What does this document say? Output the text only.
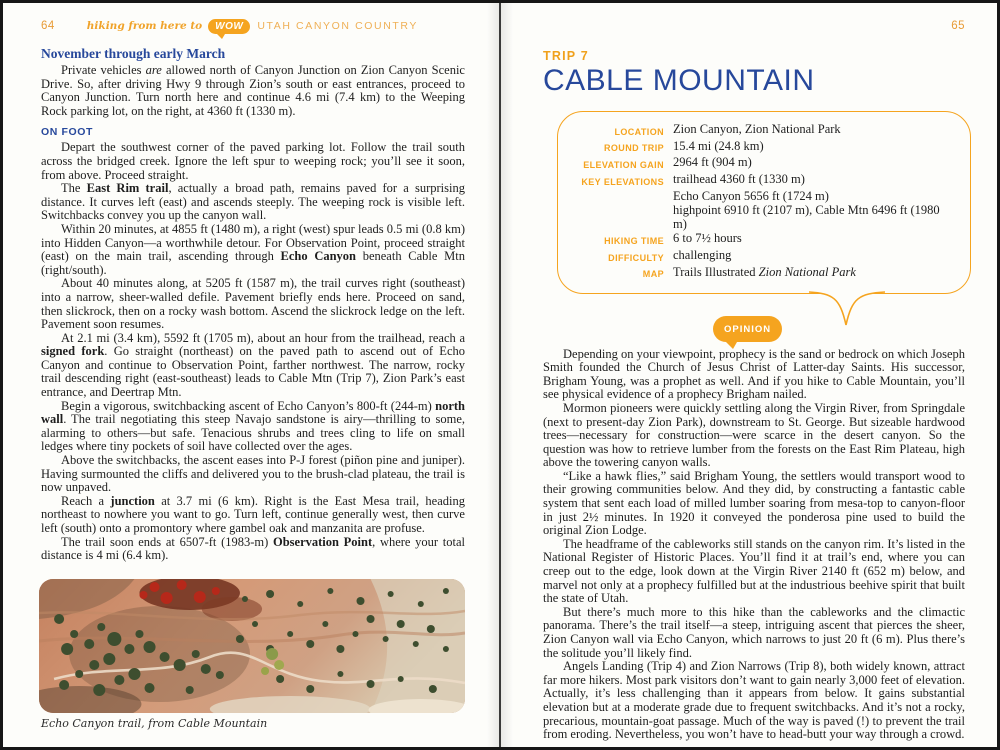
64	hiking from here to	WOW	UTAH CANYON COUNTRY
November through early March

Private vehicles are allowed north of Canyon Junction on Zion Canyon Scenic Drive. So, after driving Hwy 9 through Zion’s south or east entrances, proceed to Canyon Junction. Turn north here and continue 4.6 mi (7.4 km) to the Weeping Rock parking lot, on the right, at 4360 ft (1330 m).

ON FOOT

Depart the southwest corner of the paved parking lot. Follow the trail south across the bridged creek. Ignore the left spur to weeping rock; you’ll see it soon, from above. Proceed straight.

The East Rim trail, actually a broad path, remains paved for a surprising distance. It curves left (east) and ascends steeply. The weeping rock is visible left. Switchbacks convey you up the canyon wall.

Within 20 minutes, at 4855 ft (1480 m), a right (west) spur leads 0.5 mi (0.8 km) into Hidden Canyon—a worthwhile detour. For Observation Point, proceed straight (east) on the main trail, ascending through Echo Canyon beneath Cable Mtn (right/south).

About 40 minutes along, at 5205 ft (1587 m), the trail curves right (southeast) into a narrow, sheer-walled defile. Pavement briefly ends here. Proceed on sand, then slickrock, then on a rocky wash bottom. Ascend the slickrock ledge on the left. Pavement soon resumes.

At 2.1 mi (3.4 km), 5592 ft (1705 m), about an hour from the trailhead, reach a signed fork. Go straight (northeast) on the paved path to ascend out of Echo Canyon and continue to Observation Point, farther northwest. The narrow, rocky trail descending right (east-southeast) leads to Cable Mtn (Trip 7), Zion Park’s east entrance, and Deertrap Mtn.

Begin a vigorous, switchbacking ascent of Echo Canyon’s 800-ft (244-m) north wall. The trail negotiating this steep Navajo sandstone is airy—thrilling to some, alarming to others—but safe. Tenacious shrubs and trees cling to life on small ledges where tiny pockets of soil have collected over the ages.

Above the switchbacks, the ascent eases into P-J forest (piñon pine and juniper). Having surmounted the cliffs and delivered you to the brush-clad plateau, the trail is now unpaved.

Reach a junction at 3.7 mi (6 km). Right is the East Mesa trail, heading northeast to nowhere you want to go. Turn left, continue generally west, then curve left (south) onto a promontory where gambel oak and manzanita are profuse.

The trail soon ends at 6507-ft (1983-m) Observation Point, where your total distance is 4 mi (6.4 km).

Echo Canyon trail, from Cable Mountain
65
TRIP 7
CABLE MOUNTAIN
LOCATION Zion Canyon, Zion National Park
ROUND TRIP 15.4 mi (24.8 km)
ELEVATION GAIN 2964 ft (904 m)
KEY ELEVATIONS trailhead 4360 ft (1330 m)
Echo Canyon 5656 ft (1724 m)
highpoint 6910 ft (2107 m), Cable Mtn 6496 ft (1980 m)
HIKING TIME 6 to 7½ hours
DIFFICULTY challenging
MAP Trails Illustrated Zion National Park
OPINION

Depending on your viewpoint, prophecy is the sand or bedrock on which Joseph Smith founded the Church of Jesus Christ of Latter-day Saints. His successor, Brigham Young, was a prophet as well. And if you hike to Cable Mountain, you’ll see physical evidence of a prophecy Brigham nailed.

Mormon pioneers were quickly settling along the Virgin River, from Springdale (next to present-day Zion Park), downstream to St. George. But sizeable hardwood trees—necessary for construction—were scarce in the desert canyon. So the question was how to retrieve lumber from the forests on the East Rim Plateau, high above the towering canyon walls.

“Like a hawk flies,” said Brigham Young, the settlers would transport wood to their growing communities below. And they did, by constructing a fantastic cable system that sent each load of milled lumber soaring from mesa-top to canyon-floor in just 2½ minutes. In 1920 it conveyed the ponderosa pine used to build the original Zion Lodge.

The headframe of the cableworks still stands on the canyon rim. It’s listed in the National Register of Historic Places. You’ll find it at trail’s end, where you can creep out to the edge, look down at the Virgin River 2140 ft (652 m) below, and marvel not only at a prophecy fulfilled but at the industrious beehive spirit that built the state of Utah.

But there’s much more to this hike than the cableworks and the climactic panorama. There’s the trail itself—a steep, intriguing ascent that pierces the sheer, Zion Canyon wall via Echo Canyon, which narrows to just 20 ft (6 m). Plus there’s the solitude you’ll likely find.

Angels Landing (Trip 4) and Zion Narrows (Trip 8), both widely known, attract far more hikers. Most park visitors don’t want to gain nearly 3,000 feet of elevation. Actually, it’s less challenging than it appears from below. It gains substantial elevation but at a moderate grade due to frequent switchbacks. And it’s not a rocky, precarious, mountain-goat passage. Much of the way is paved (!) to prevent the trail from eroding. Nevertheless, you won’t have to head-butt your way through a crowd.
